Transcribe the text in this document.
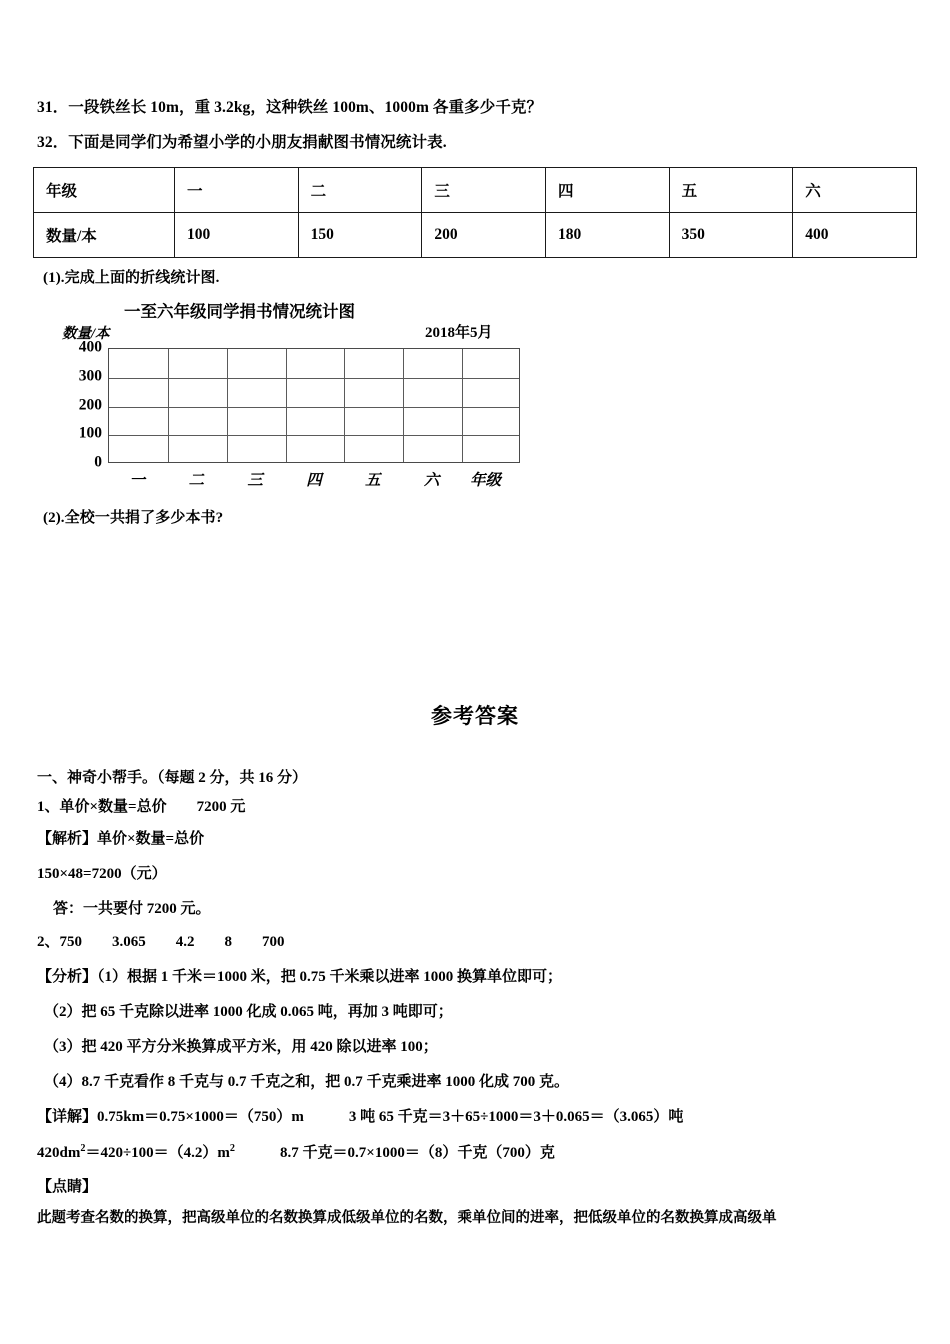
31．一段铁丝长 10m，重 3.2kg，这种铁丝 100m、1000m 各重多少千克？
32．下面是同学们为希望小学的小朋友捐献图书情况统计表.
年级	一	二	三	四	五	六
数量/本	100	150	200	180	350	400
(1).完成上面的折线统计图.
一至六年级同学捐书情况统计图
数量/本	2018年5月
400
300
200
100
0
一	二	三	四	五	六 年级
(2).全校一共捐了多少本书?
参考答案
一、神奇小帮手。（每题 2 分，共 16 分）
1、单价×数量=总价　　7200 元
【解析】单价×数量=总价
150×48=7200（元）
答：一共要付 7200 元。
2、750　　3.065　　4.2　　8　　700
【分析】（1）根据 1 千米＝1000 米，把 0.75 千米乘以进率 1000 换算单位即可；
（2）把 65 千克除以进率 1000 化成 0.065 吨，再加 3 吨即可；
（3）把 420 平方分米换算成平方米，用 420 除以进率 100；
（4）8.7 千克看作 8 千克与 0.7 千克之和，把 0.7 千克乘进率 1000 化成 700 克。
【详解】0.75km＝0.75×1000＝（750）m　　　	3 吨 65 千克＝3＋65÷1000＝3＋0.065＝（3.065）吨
$420dm^2=420\div 100=(4.2)m^2$　　　	8.7 千克＝0.7×1000＝（8）千克（700）克
【点睛】
此题考查名数的换算，把高级单位的名数换算成低级单位的名数，乘单位间的进率，把低级单位的名数换算成高级单
